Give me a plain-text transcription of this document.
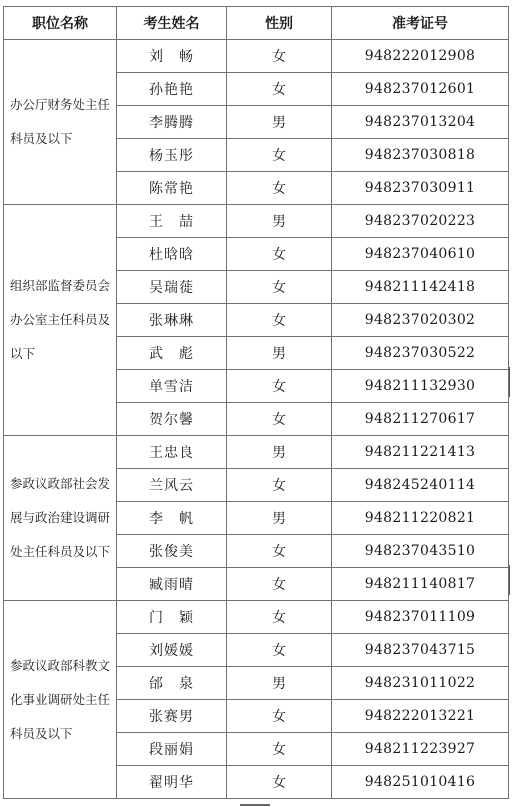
职位名称	考生姓名	性别	准考证号
办公厅财务处主任科员及以下	刘　畅	女	948222012908
	孙艳艳	女	948237012601
	李腾腾	男	948237013204
	杨玉彤	女	948237030818
	陈常艳	女	948237030911
组织部监督委员会办公室主任科员及以下	王　喆	男	948237020223
	杜晗晗	女	948237040610
	吴瑞蓰	女	948211142418
	张琳琳	女	948237020302
	武　彪	男	948237030522
	单雪洁	女	948211132930
	贺尔馨	女	948211270617
参政议政部社会发展与政治建设调研处主任科员及以下	王忠良	男	948211221413
	兰风云	女	948245240114
	李　帆	男	948211220821
	张俊美	女	948237043510
	臧雨晴	女	948211140817
参政议政部科教文化事业调研处主任科员及以下	门　颖	女	948237011109
	刘媛媛	女	948237043715
	邰　泉	男	948231011022
	张赛男	女	948222013221
	段丽娟	女	948211223927
	翟明华	女	948251010416
